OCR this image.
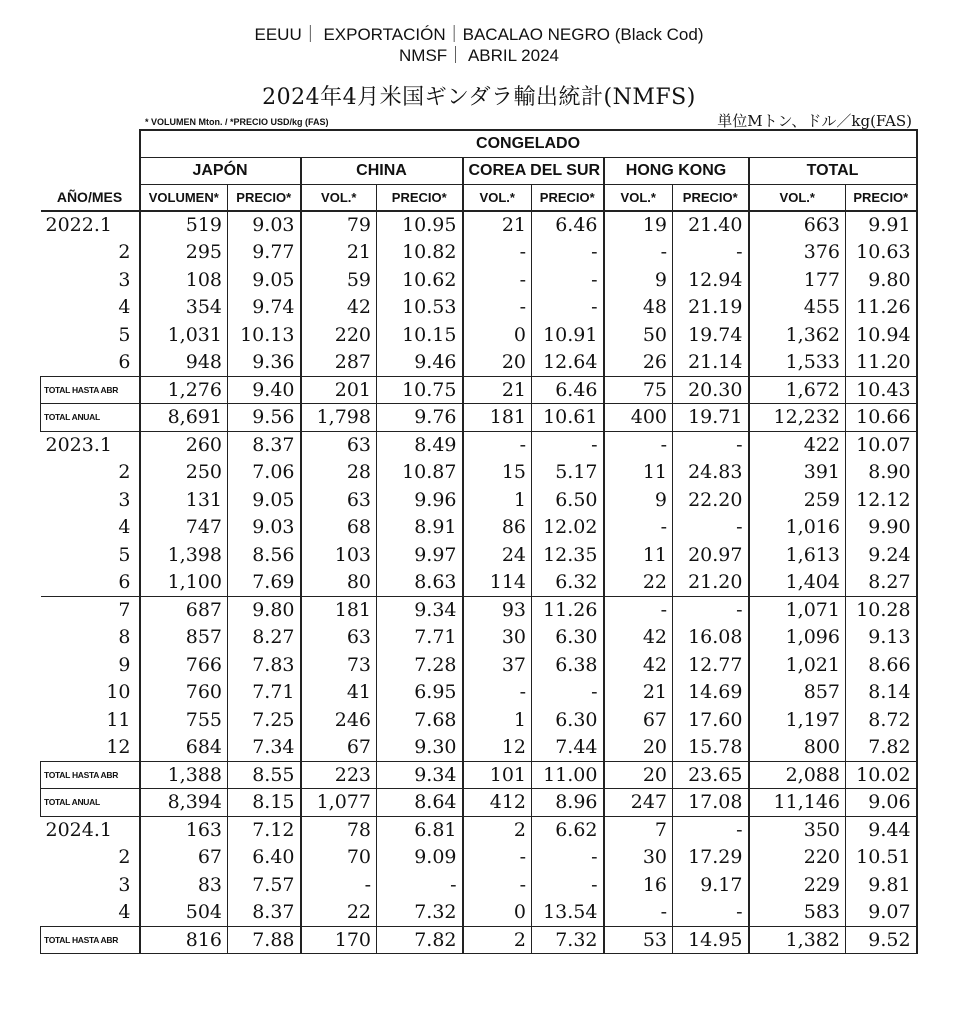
EEUU｜ EXPORTACIÓN｜BACALAO NEGRO (Black Cod)
NMSF｜ ABRIL 2024
2024年4月米国ギンダラ輸出統計(NMFS)
* VOLUMEN Mton. / *PRECIO USD/kg (FAS)	単位Mトン、ドル／kg(FAS)
	CONGELADO									
	JAPÓN		CHINA		COREA DEL SUR		HONG KONG		TOTAL	
AÑO/MES	VOLUMEN*	PRECIO*	VOL.*	PRECIO*	VOL.*	PRECIO*	VOL.*	PRECIO*	VOL.*	PRECIO*
2022.1	519	9.03	79	10.95	21	6.46	19	21.40	663	9.91
2	295	9.77	21	10.82	-	-	-	-	376	10.63
3	108	9.05	59	10.62	-	-	9	12.94	177	9.80
4	354	9.74	42	10.53	-	-	48	21.19	455	11.26
5	1,031	10.13	220	10.15	0	10.91	50	19.74	1,362	10.94
6	948	9.36	287	9.46	20	12.64	26	21.14	1,533	11.20
TOTAL HASTA ABR	1,276	9.40	201	10.75	21	6.46	75	20.30	1,672	10.43
TOTAL ANUAL	8,691	9.56	1,798	9.76	181	10.61	400	19.71	12,232	10.66
2023.1	260	8.37	63	8.49	-	-	-	-	422	10.07
2	250	7.06	28	10.87	15	5.17	11	24.83	391	8.90
3	131	9.05	63	9.96	1	6.50	9	22.20	259	12.12
4	747	9.03	68	8.91	86	12.02	-	-	1,016	9.90
5	1,398	8.56	103	9.97	24	12.35	11	20.97	1,613	9.24
6	1,100	7.69	80	8.63	114	6.32	22	21.20	1,404	8.27
7	687	9.80	181	9.34	93	11.26	-	-	1,071	10.28
8	857	8.27	63	7.71	30	6.30	42	16.08	1,096	9.13
9	766	7.83	73	7.28	37	6.38	42	12.77	1,021	8.66
10	760	7.71	41	6.95	-	-	21	14.69	857	8.14
11	755	7.25	246	7.68	1	6.30	67	17.60	1,197	8.72
12	684	7.34	67	9.30	12	7.44	20	15.78	800	7.82
TOTAL HASTA ABR	1,388	8.55	223	9.34	101	11.00	20	23.65	2,088	10.02
TOTAL ANUAL	8,394	8.15	1,077	8.64	412	8.96	247	17.08	11,146	9.06
2024.1	163	7.12	78	6.81	2	6.62	7	-	350	9.44
2	67	6.40	70	9.09	-	-	30	17.29	220	10.51
3	83	7.57	-	-	-	-	16	9.17	229	9.81
4	504	8.37	22	7.32	0	13.54	-	-	583	9.07
TOTAL HASTA ABR	816	7.88	170	7.82	2	7.32	53	14.95	1,382	9.52
